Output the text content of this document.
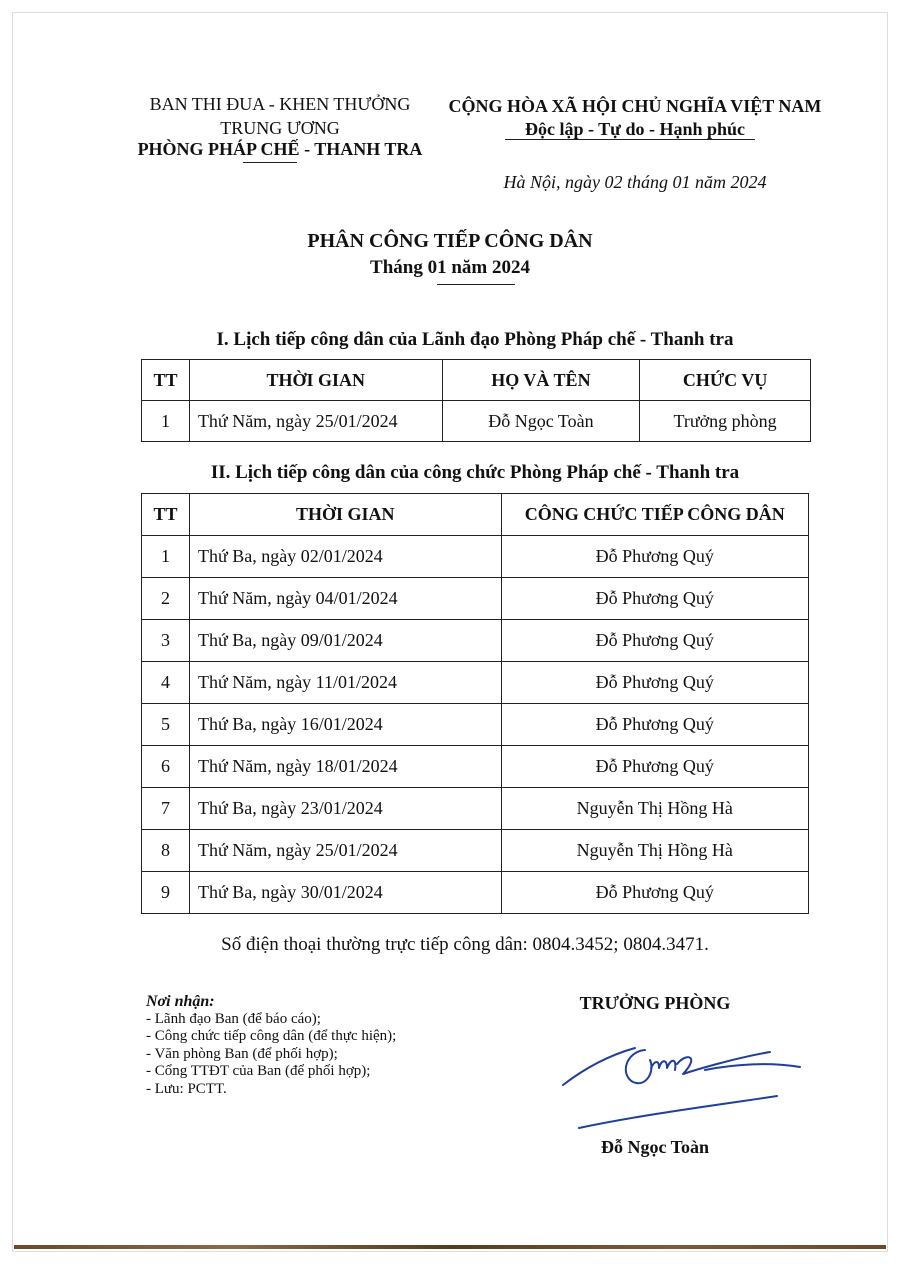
BAN THI ĐUA - KHEN THƯỞNG
TRUNG ƯƠNG
PHÒNG PHÁP CHẾ - THANH TRA
CỘNG HÒA XÃ HỘI CHỦ NGHĨA VIỆT NAM
Độc lập - Tự do - Hạnh phúc
Hà Nội, ngày 02 tháng 01 năm 2024
PHÂN CÔNG TIẾP CÔNG DÂN
Tháng 01 năm 2024
I. Lịch tiếp công dân của Lãnh đạo Phòng Pháp chế - Thanh tra
TT	THỜI GIAN	HỌ VÀ TÊN	CHỨC VỤ
1	Thứ Năm, ngày 25/01/2024	Đỗ Ngọc Toàn	Trưởng phòng
II. Lịch tiếp công dân của công chức Phòng Pháp chế - Thanh tra
TT	THỜI GIAN	CÔNG CHỨC TIẾP CÔNG DÂN
1	Thứ Ba, ngày 02/01/2024	Đỗ Phương Quý
2	Thứ Năm, ngày 04/01/2024	Đỗ Phương Quý
3	Thứ Ba, ngày 09/01/2024	Đỗ Phương Quý
4	Thứ Năm, ngày 11/01/2024	Đỗ Phương Quý
5	Thứ Ba, ngày 16/01/2024	Đỗ Phương Quý
6	Thứ Năm, ngày 18/01/2024	Đỗ Phương Quý
7	Thứ Ba, ngày 23/01/2024	Nguyễn Thị Hồng Hà
8	Thứ Năm, ngày 25/01/2024	Nguyễn Thị Hồng Hà
9	Thứ Ba, ngày 30/01/2024	Đỗ Phương Quý
Số điện thoại thường trực tiếp công dân: 0804.3452; 0804.3471.
Nơi nhận:
- Lãnh đạo Ban (để báo cáo);
- Công chức tiếp công dân (để thực hiện);
- Văn phòng Ban (để phối hợp);
- Cổng TTĐT của Ban (để phối hợp);
- Lưu: PCTT.
TRƯỞNG PHÒNG
Đỗ Ngọc Toàn
